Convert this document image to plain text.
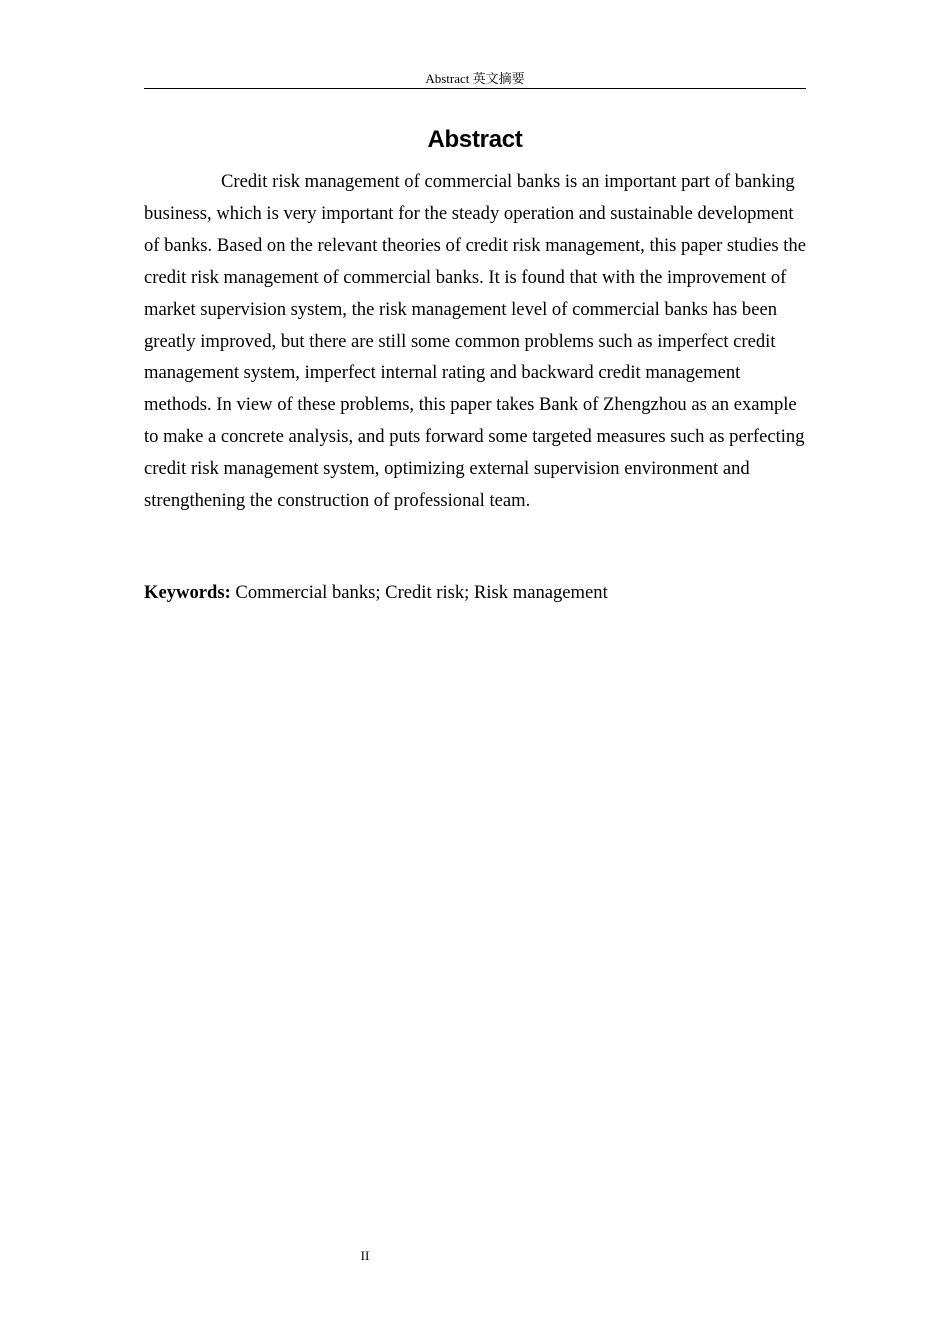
Abstract 英文摘要
Abstract

Credit risk management of commercial banks is an important part of banking business, which is very important for the steady operation and sustainable development of banks. Based on the relevant theories of credit risk management, this paper studies the credit risk management of commercial banks. It is found that with the improvement of market supervision system, the risk management level of commercial banks has been greatly improved, but there are still some common problems such as imperfect credit management system, imperfect internal rating and backward credit management methods. In view of these problems, this paper takes Bank of Zhengzhou as an example to make a concrete analysis, and puts forward some targeted measures such as perfecting credit risk management system, optimizing external supervision environment and strengthening the construction of professional team.

Keywords: Commercial banks; Credit risk; Risk management

II
